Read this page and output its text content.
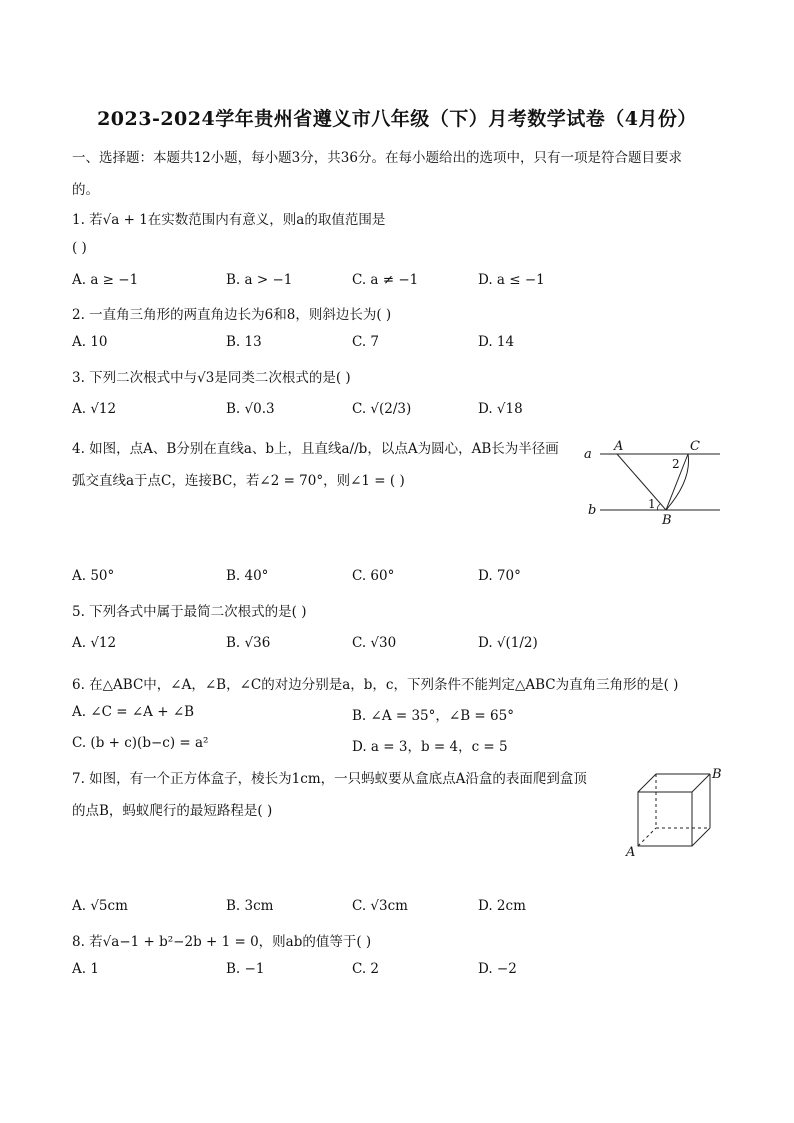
2023-2024学年贵州省遵义市八年级（下）月考数学试卷（4月份）
一、选择题：本题共12小题，每小题3分，共36分。在每小题给出的选项中，只有一项是符合题目要求
的。
1. 若√a + 1在实数范围内有意义，则a的取值范围是
( )
A. a ≥ −1	B. a > −1	C. a ≠ −1	D. a ≤ −1
2. 一直角三角形的两直角边长为6和8，则斜边长为( )
A. 10	B. 13	C. 7	D. 14
3. 下列二次根式中与√3是同类二次根式的是( )
A. √12	B. √0.3	C. √(2/3)	D. √18
4. 如图，点A、B分别在直线a、b上，且直线a//b，以点A为圆心，AB长为半径画
弧交直线a于点C，连接BC，若∠2 = 70°，则∠1 = ( )
a
b
A	C
B
1
2
A. 50°	B. 40°	C. 60°	D. 70°
5. 下列各式中属于最简二次根式的是( )
A. √12	B. √36	C. √30	D. √(1/2)
6. 在△ABC中，∠A，∠B，∠C的对边分别是a，b，c，下列条件不能判定△ABC为直角三角形的是( )
A. ∠C = ∠A + ∠B	B. ∠A = 35°，∠B = 65°
C. (b + c)(b−c) = a²	D. a = 3，b = 4，c = 5
7. 如图，有一个正方体盒子，棱长为1cm，一只蚂蚁要从盒底点A沿盒的表面爬到盒顶
的点B，蚂蚁爬行的最短路程是( )
A
B
A. √5cm	B. 3cm	C. √3cm	D. 2cm
8. 若√a−1 + b²−2b + 1 = 0，则ab的值等于( )
A. 1	B. −1	C. 2	D. −2
